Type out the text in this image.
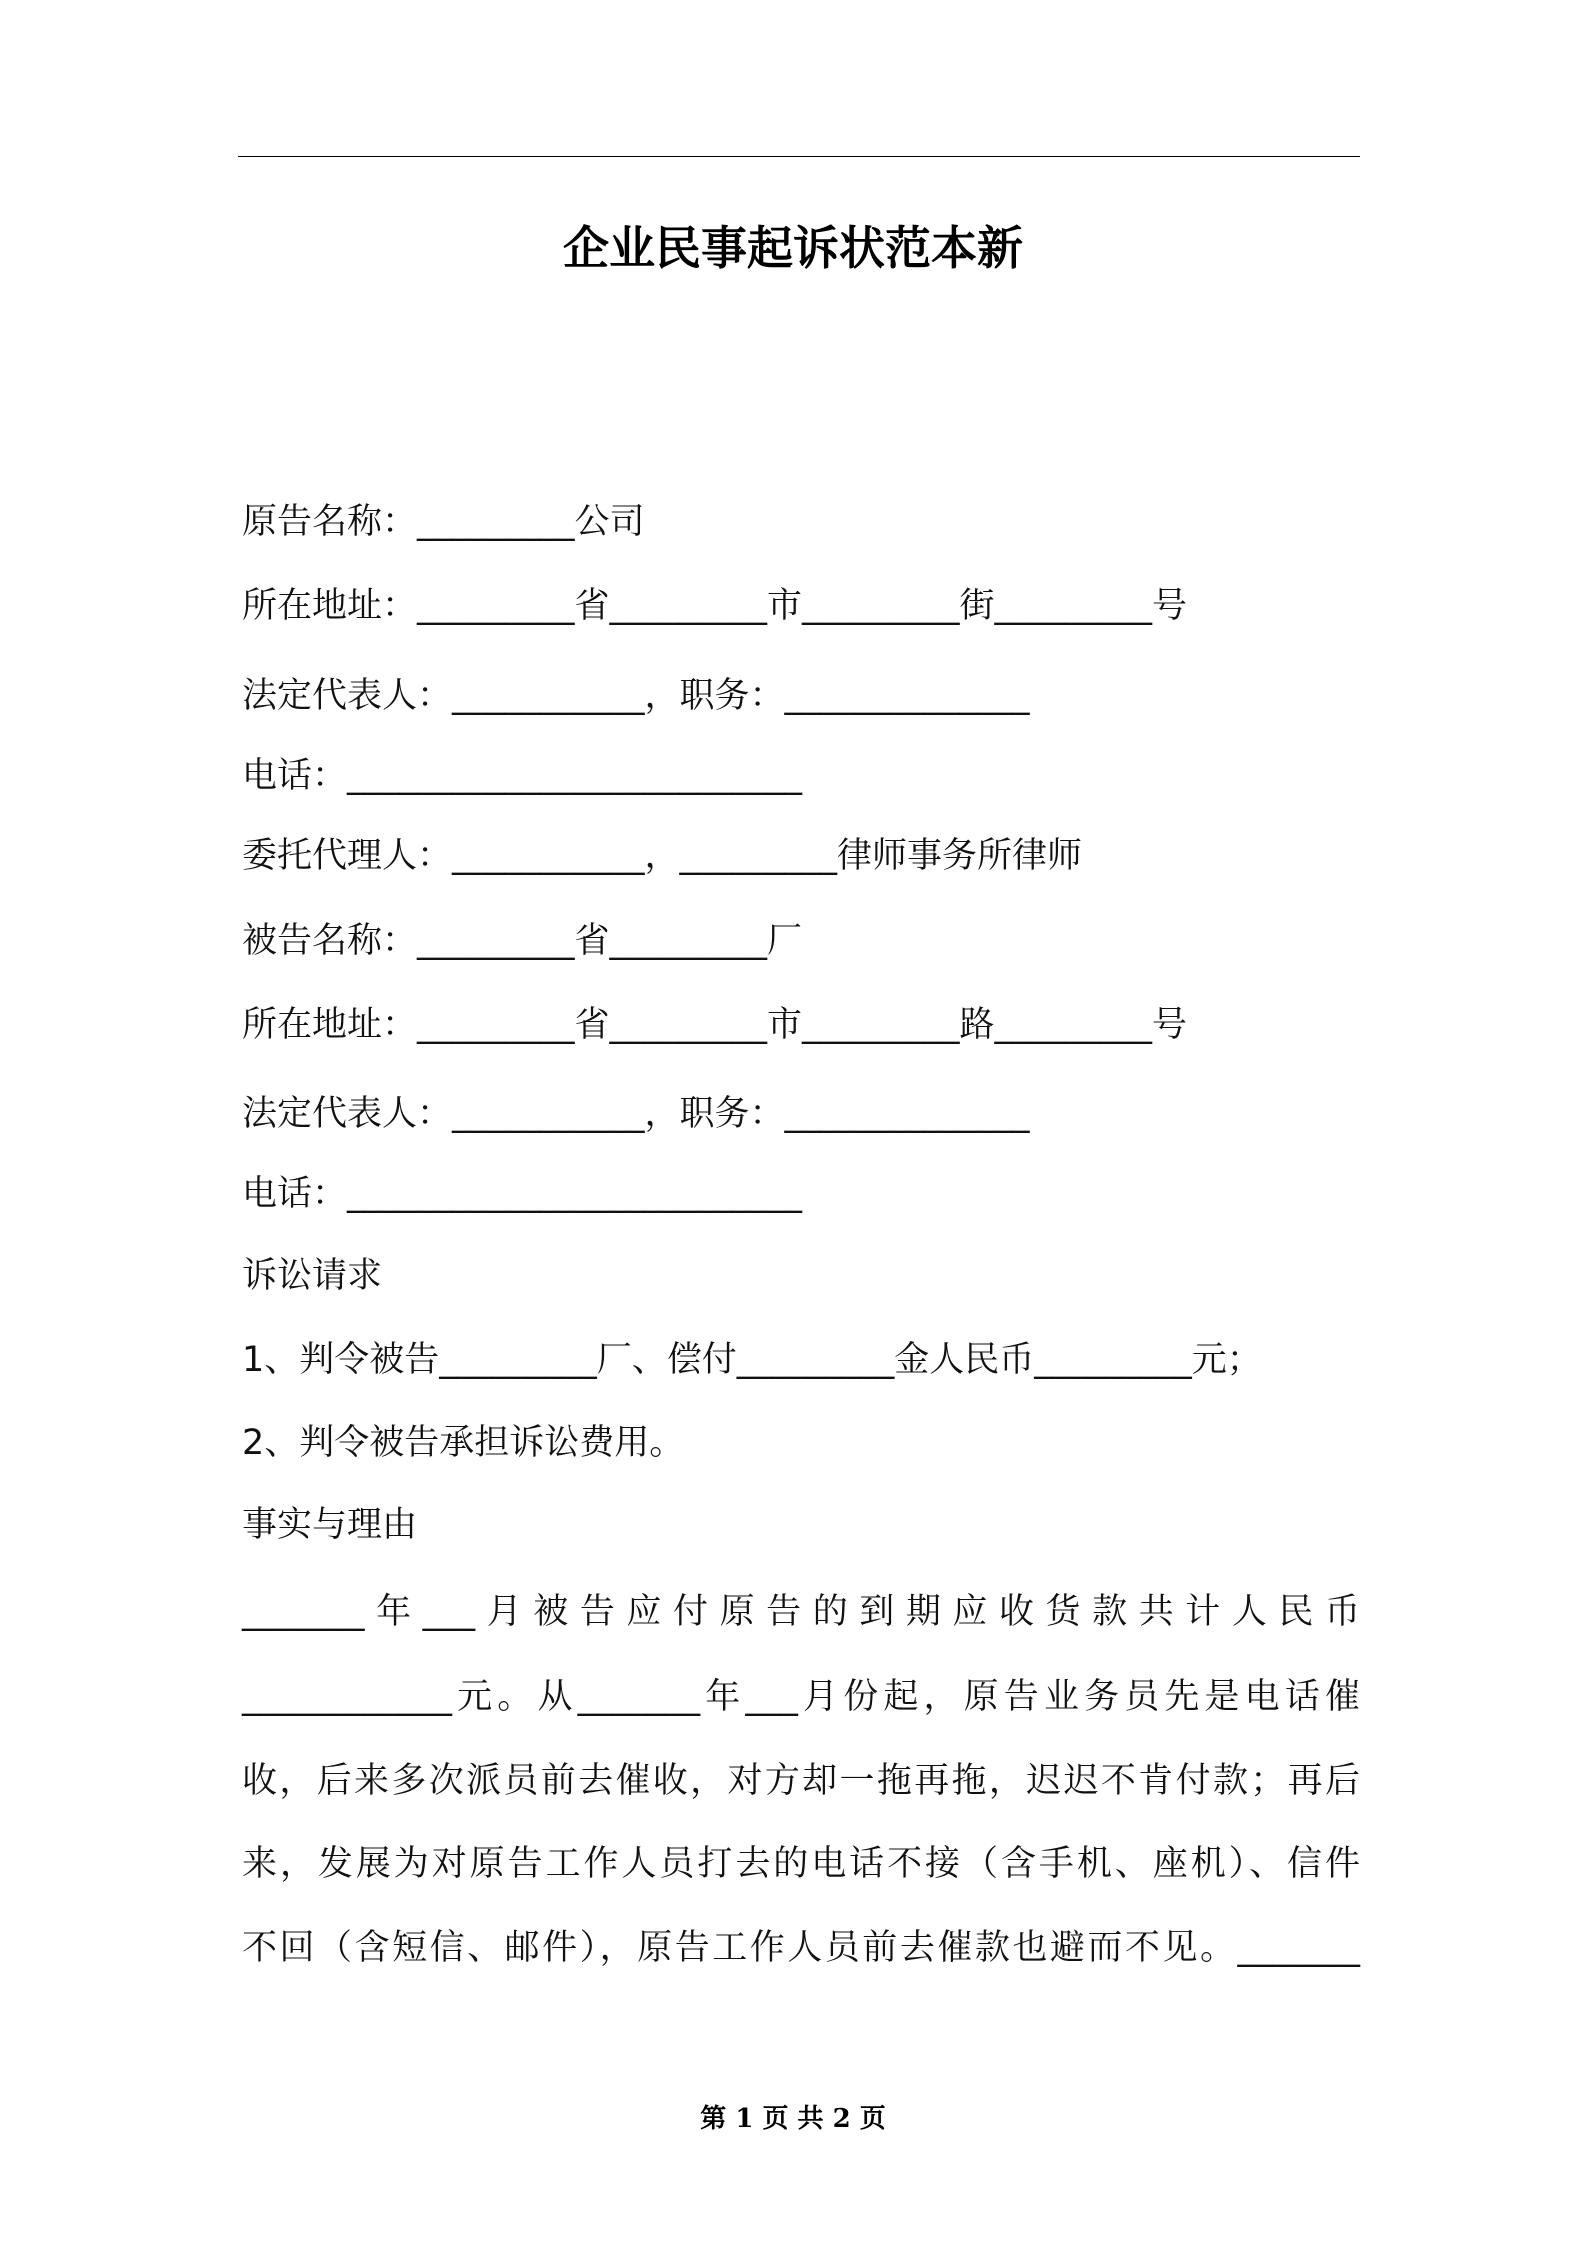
企业民事起诉状范本新
原告名称：_________公司
所在地址：_________省_________市_________街_________号
法定代表人：___________，职务：______________
电话：__________________________
委托代理人：___________，_________律师事务所律师
被告名称：_________省_________厂
所在地址：_________省_________市_________路_________号
法定代表人：___________，职务：______________
电话：__________________________
诉讼请求
1、判令被告_________厂、偿付_________金人民币_________元；
2、判令被告承担诉讼费用。
事实与理由
_______年___月被告应付原告的到期应收货款共计人民币
____________元。从_______年___月份起，原告业务员先是电话催
收，后来多次派员前去催收，对方却一拖再拖，迟迟不肯付款；再后
来，发展为对原告工作人员打去的电话不接（含手机、座机）、信件
不回（含短信、邮件），原告工作人员前去催款也避而不见。_______
第 1 页 共 2 页
